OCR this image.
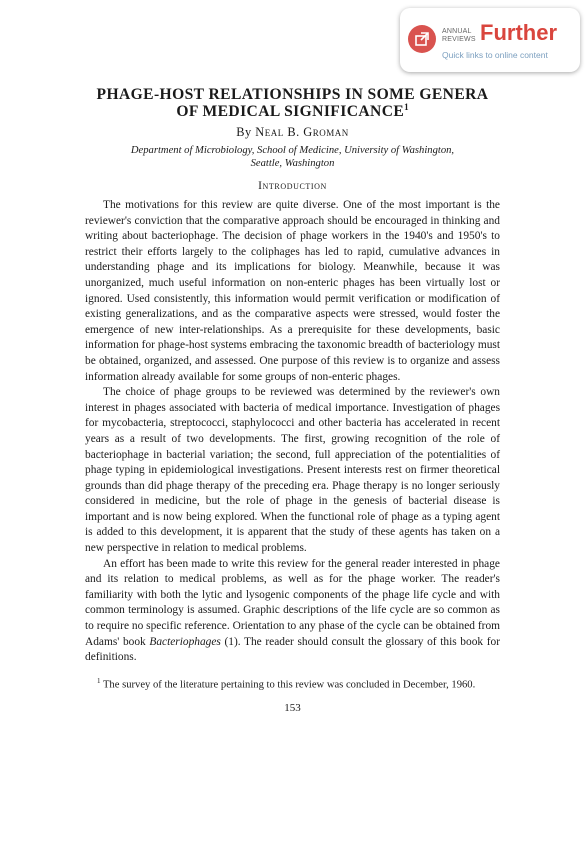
ANNUAL REVIEWS Further
Quick links to online content
PHAGE-HOST RELATIONSHIPS IN SOME GENERA
OF MEDICAL SIGNIFICANCE$^1$
By Neal B. Groman
Department of Microbiology, School of Medicine, University of Washington,
Seattle, Washington
Introduction

The motivations for this review are quite diverse. One of the most important is the reviewer's conviction that the comparative approach should be encouraged in thinking and writing about bacteriophage. The decision of phage workers in the 1940's and 1950's to restrict their efforts largely to the coliphages has led to rapid, cumulative advances in understanding phage and its implications for biology. Meanwhile, because it was unorganized, much useful information on non-enteric phages has been virtually lost or ignored. Used consistently, this information would permit verification or modification of existing generalizations, and as the comparative aspects were stressed, would foster the emergence of new inter-relationships. As a prerequisite for these developments, basic information for phage-host systems embracing the taxonomic breadth of bacteriology must be obtained, organized, and assessed. One purpose of this review is to organize and assess information already available for some groups of non-enteric phages.

The choice of phage groups to be reviewed was determined by the reviewer's own interest in phages associated with bacteria of medical importance. Investigation of phages for mycobacteria, streptococci, staphylococci and other bacteria has accelerated in recent years as a result of two developments. The first, growing recognition of the role of bacteriophage in bacterial variation; the second, full appreciation of the potentialities of phage typing in epidemiological investigations. Present interests rest on firmer theoretical grounds than did phage therapy of the preceding era. Phage therapy is no longer seriously considered in medicine, but the role of phage in the genesis of bacterial disease is important and is now being explored. When the functional role of phage as a typing agent is added to this development, it is apparent that the study of these agents has taken on a new perspective in relation to medical problems.

An effort has been made to write this review for the general reader interested in phage and its relation to medical problems, as well as for the phage worker. The reader's familiarity with both the lytic and lysogenic components of the phage life cycle and with common terminology is assumed. Graphic descriptions of the life cycle are so common as to require no specific reference. Orientation to any phase of the cycle can be obtained from Adams' book Bacteriophages (1). The reader should consult the glossary of this book for definitions.

$^1$ The survey of the literature pertaining to this review was concluded in December, 1960.
153
